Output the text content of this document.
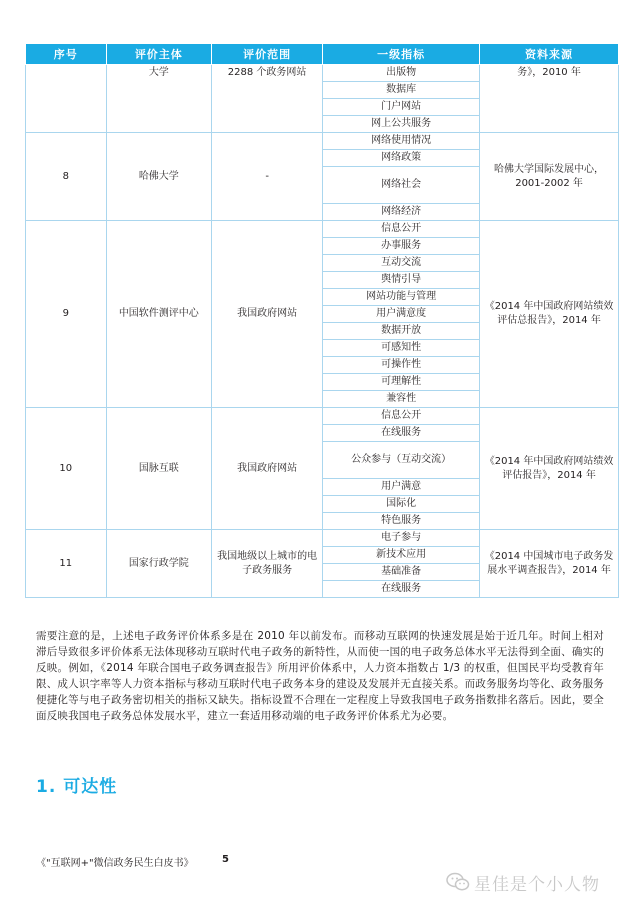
序号	评价主体	评价范围	一级指标	资料来源
	大学	2288 个政务网站	出版物	务》，2010 年
			数据库	
			门户网站	
			网上公共服务	
8	哈佛大学	-	网络使用情况	哈佛大学国际发展中心，2001-2002 年
			网络政策	
			网络社会	
			网络经济	
9	中国软件测评中心	我国政府网站	信息公开	《2014 年中国政府网站绩效评估总报告》，2014 年
			办事服务	
			互动交流	
			舆情引导	
			网站功能与管理	
			用户满意度	
			数据开放	
			可感知性	
			可操作性	
			可理解性	
			兼容性	
10	国脉互联	我国政府网站	信息公开	《2014 年中国政府网站绩效评估报告》，2014 年
			在线服务	
			公众参与（互动交流）	
			用户满意	
			国际化	
			特色服务	
11	国家行政学院	我国地级以上城市的电子政务服务	电子参与	《2014 中国城市电子政务发展水平调查报告》，2014 年
			新技术应用	
			基础准备	
			在线服务	

需要注意的是，上述电子政务评价体系多是在 2010 年以前发布。而移动互联网的快速发展是始于近几年。时间上相对滞后导致很多评价体系无法体现移动互联时代电子政务的新特性，从而使一国的电子政务总体水平无法得到全面、确实的反映。例如，《2014 年联合国电子政务调查报告》所用评价体系中，人力资本指数占 1/3 的权重，但国民平均受教育年限、成人识字率等人力资本指标与移动互联时代电子政务本身的建设及发展并无直接关系。而政务服务均等化、政务服务便捷化等与电子政务密切相关的指标又缺失。指标设置不合理在一定程度上导致我国电子政务指数排名落后。因此，要全面反映我国电子政务总体发展水平，建立一套适用移动端的电子政务评价体系尤为必要。

1. 可达性
《"互联网+"微信政务民生白皮书》	5
星佳是个小人物
